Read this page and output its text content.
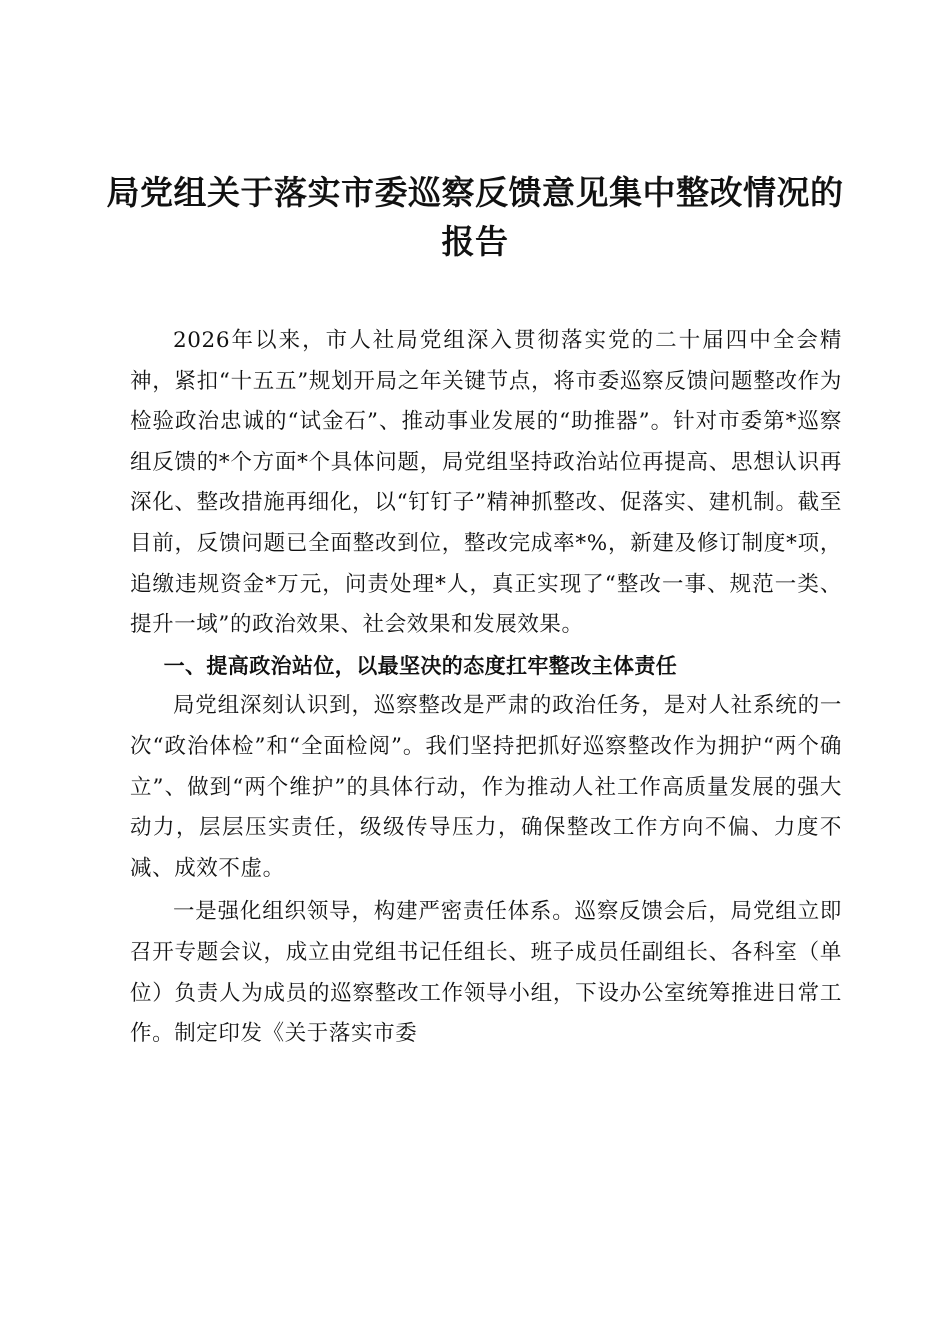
局党组关于落实市委巡察反馈意见集中整改情况的报告

2026年以来，市人社局党组深入贯彻落实党的二十届四中全会精神，紧扣“十五五”规划开局之年关键节点，将市委巡察反馈问题整改作为检验政治忠诚的“试金石”、推动事业发展的“助推器”。针对市委第*巡察组反馈的*个方面*个具体问题，局党组坚持政治站位再提高、思想认识再深化、整改措施再细化，以“钉钉子”精神抓整改、促落实、建机制。截至目前，反馈问题已全面整改到位，整改完成率*%，新建及修订制度*项，追缴违规资金*万元，问责处理*人，真正实现了“整改一事、规范一类、提升一域”的政治效果、社会效果和发展效果。

一、提高政治站位，以最坚决的态度扛牢整改主体责任

局党组深刻认识到，巡察整改是严肃的政治任务，是对人社系统的一次“政治体检”和“全面检阅”。我们坚持把抓好巡察整改作为拥护“两个确立”、做到“两个维护”的具体行动，作为推动人社工作高质量发展的强大动力，层层压实责任，级级传导压力，确保整改工作方向不偏、力度不减、成效不虚。

一是强化组织领导，构建严密责任体系。巡察反馈会后，局党组立即召开专题会议，成立由党组书记任组长、班子成员任副组长、各科室（单位）负责人为成员的巡察整改工作领导小组，下设办公室统筹推进日常工作。制定印发《关于落实市委
